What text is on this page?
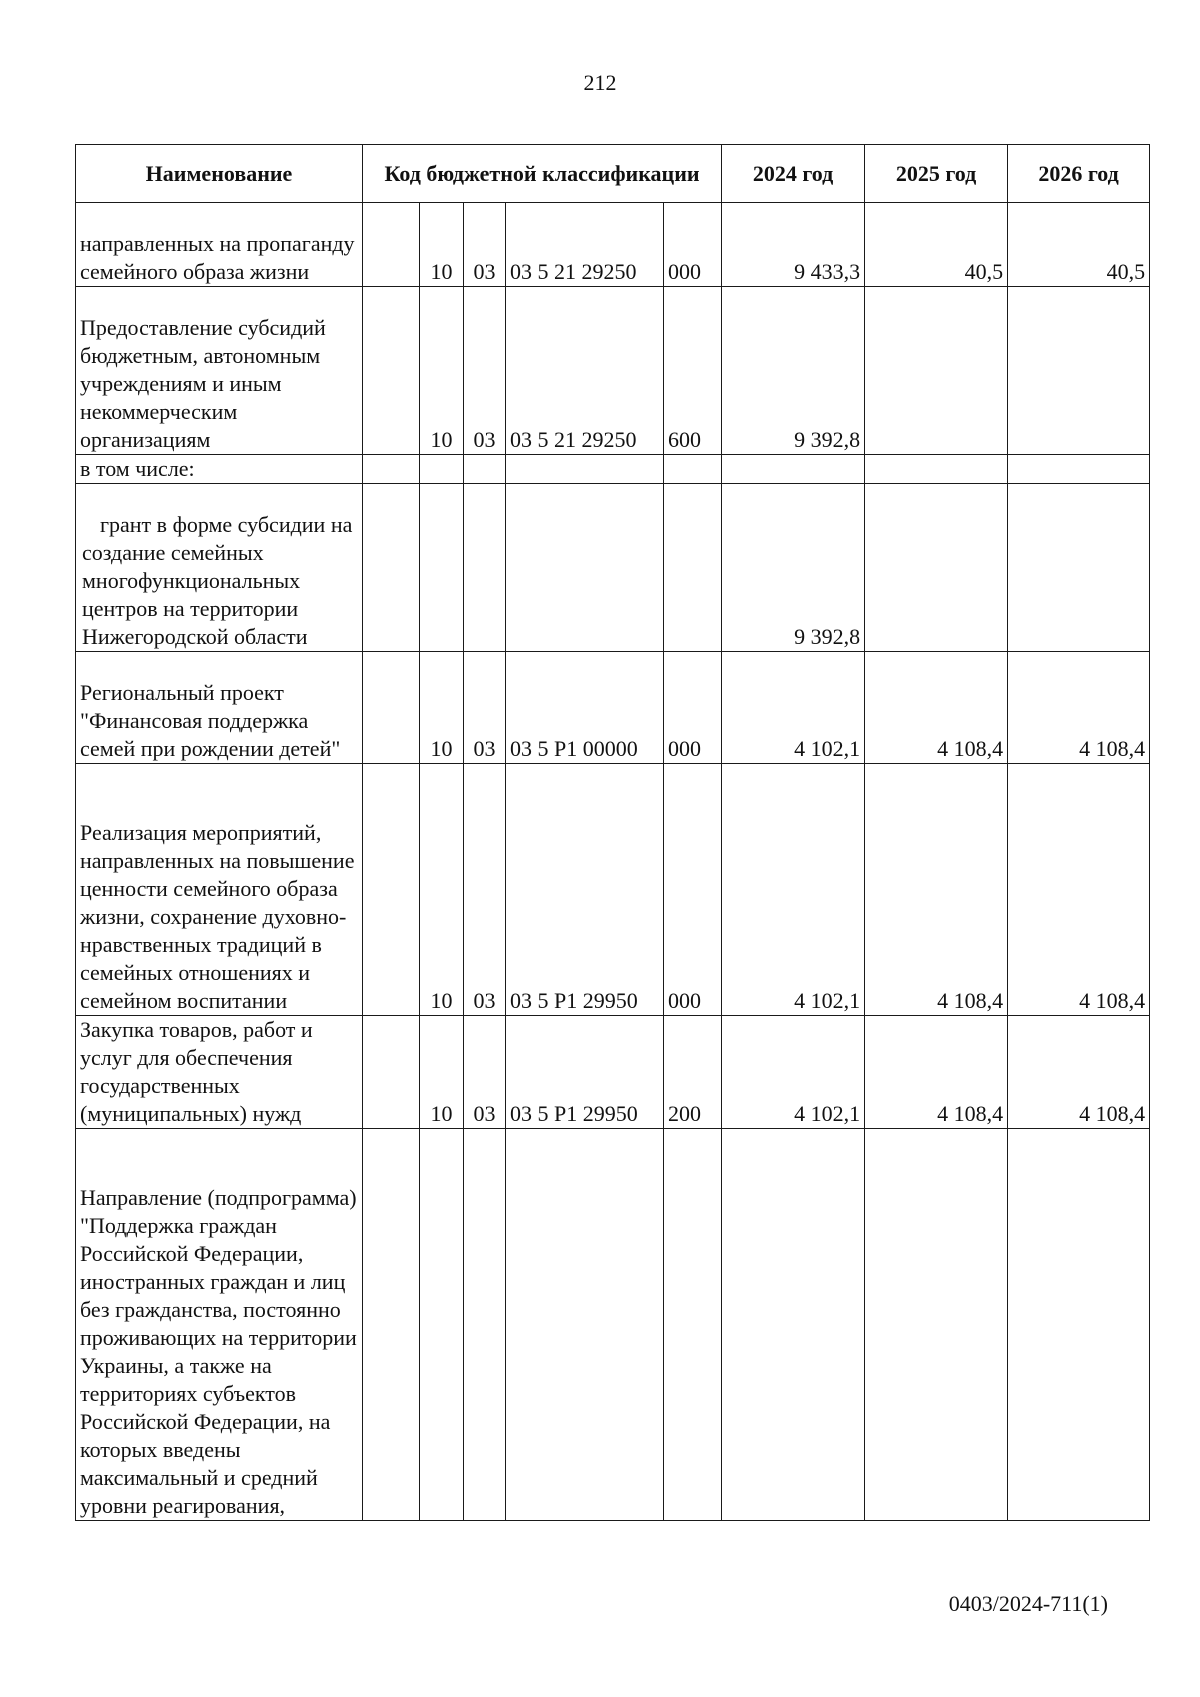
212
Наименование	Код бюджетной классификации					2024 год	2025 год	2026 год
направленных на пропаганду семейного образа жизни		10	03	03 5 21 29250	000	9 433,3	40,5	40,5
Предоставление субсидий бюджетным, автономным учреждениям и иным некоммерческим организациям		10	03	03 5 21 29250	600	9 392,8		
в том числе:								
грант в форме субсидии на создание семейных многофункциональных центров на территории Нижегородской области						9 392,8		
Региональный проект "Финансовая поддержка семей при рождении детей"		10	03	03 5 Р1 00000	000	4 102,1	4 108,4	4 108,4
Реализация мероприятий, направленных на повышение ценности семейного образа жизни, сохранение духовно-нравственных традиций в семейных отношениях и семейном воспитании		10	03	03 5 Р1 29950	000	4 102,1	4 108,4	4 108,4
Закупка товаров, работ и услуг для обеспечения государственных (муниципальных) нужд		10	03	03 5 Р1 29950	200	4 102,1	4 108,4	4 108,4
Направление (подпрограмма) "Поддержка граждан Российской Федерации, иностранных граждан и лиц без гражданства, постоянно проживающих на территории Украины, а также на территориях субъектов Российской Федерации, на которых введены максимальный и средний уровни реагирования,								
0403/2024-711(1)
